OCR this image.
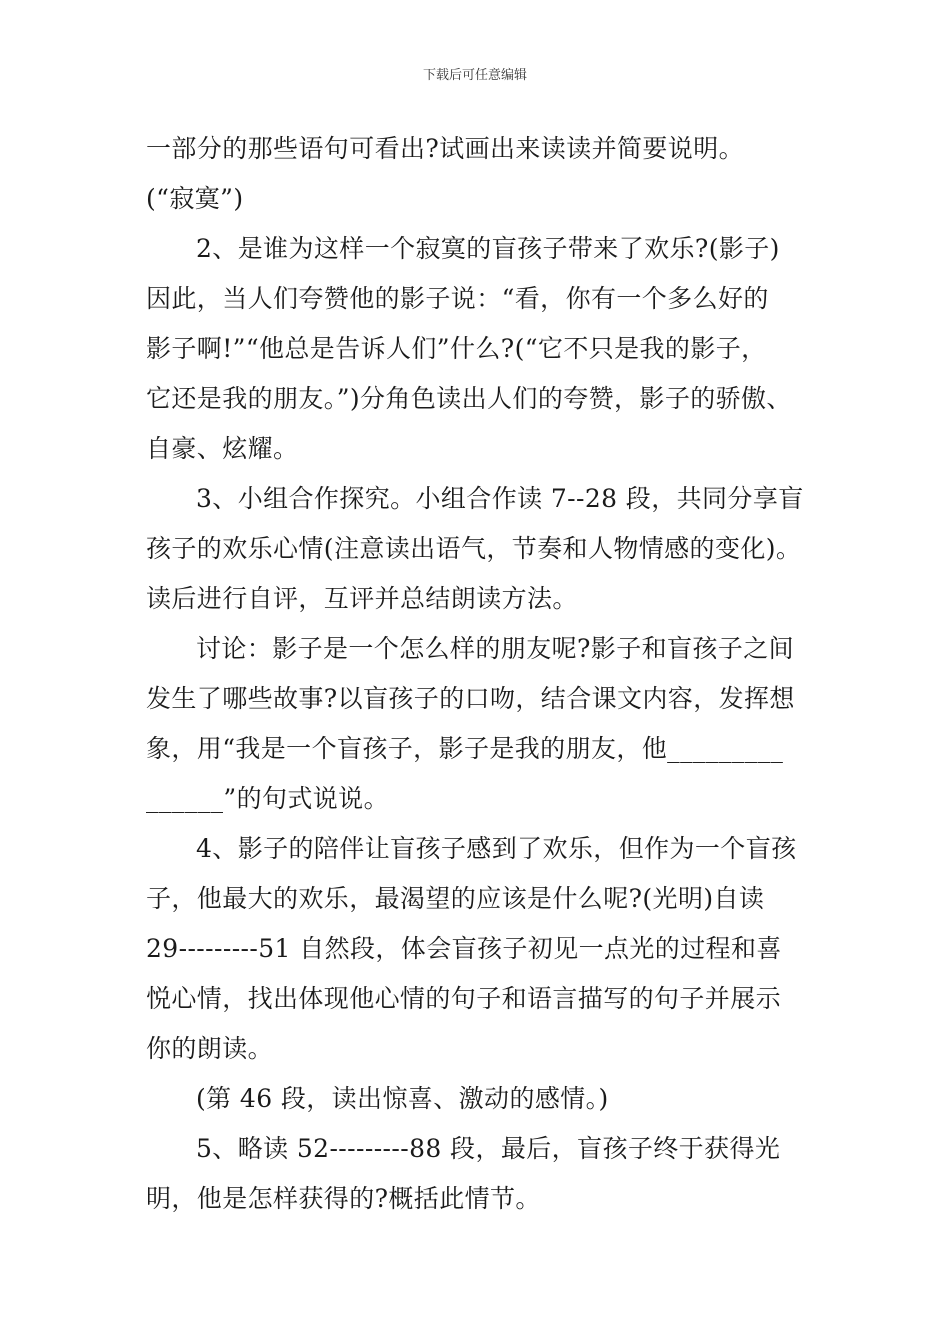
下载后可任意编辑
一部分的那些语句可看出?试画出来读读并简要说明。
(“寂寞”)
2、是谁为这样一个寂寞的盲孩子带来了欢乐?(影子)
因此，当人们夸赞他的影子说：“看，你有一个多么好的
影子啊!”“他总是告诉人们”什么?(“它不只是我的影子，
它还是我的朋友。”)分角色读出人们的夸赞，影子的骄傲、
自豪、炫耀。
3、小组合作探究。小组合作读 7--28 段，共同分享盲
孩子的欢乐心情(注意读出语气，节奏和人物情感的变化)。
读后进行自评，互评并总结朗读方法。
讨论：影子是一个怎么样的朋友呢?影子和盲孩子之间
发生了哪些故事?以盲孩子的口吻，结合课文内容，发挥想
象，用“我是一个盲孩子，影子是我的朋友，他_________
______”的句式说说。
4、影子的陪伴让盲孩子感到了欢乐，但作为一个盲孩
子，他最大的欢乐，最渴望的应该是什么呢?(光明)自读
29---------51 自然段，体会盲孩子初见一点光的过程和喜
悦心情，找出体现他心情的句子和语言描写的句子并展示
你的朗读。
(第 46 段，读出惊喜、激动的感情。)
5、略读 52---------88 段，最后，盲孩子终于获得光
明，他是怎样获得的?概括此情节。
